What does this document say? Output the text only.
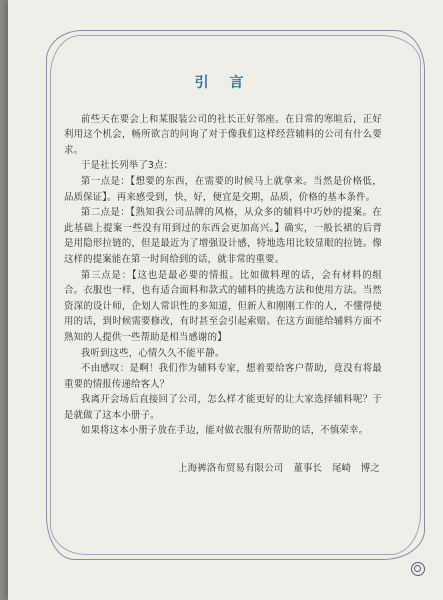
引 言

前些天在要会上和某服装公司的社长正好邻座。在日常的寒暄后，正好利用这个机会，畅所欲言的问询了对于像我们这样经营辅料的公司有什么要求。

于是社长列举了3点：

第一点是：【想要的东西，在需要的时候马上就拿来。当然是价格低，品质保证】。再来感受到，快，好，便宜是交期，品质，价格的基本条件。

第二点是：【熟知我公司品牌的风格，从众多的辅料中巧妙的提案。在此基础上提案一些没有用到过的东西会更加高兴。】确实，一般长裙的后背是用隐形拉链的，但是最近为了增强设计感，特地选用比较显眼的拉链。像这样的提案能在第一时间给到的话，就非常的重要。

第三点是：【这也是最必要的情报。比如做料理的话，会有材料的组合。衣服也一样，也有适合面料和款式的辅料的挑选方法和使用方法。当然资深的设计师，企划人常识性的多知道，但新人和刚刚工作的人，不懂得使用的话，到时候需要修改，有时甚至会引起索赔。在这方面能给辅料方面不熟知的人提供一些帮助是相当感谢的】

我听到这些，心情久久不能平静。

不由感叹：是啊！我们作为辅料专家，想着要给客户帮助，竟没有将最重要的情报传递给客人？

我离开会场后直接回了公司，怎么样才能更好的让大家选择辅料呢？于是就做了这本小册子。

如果将这本小册子放在手边，能对做衣服有所帮助的话，不慎荣幸。

上海裤洛布贸易有限公司 董事长 尾崎　博之
